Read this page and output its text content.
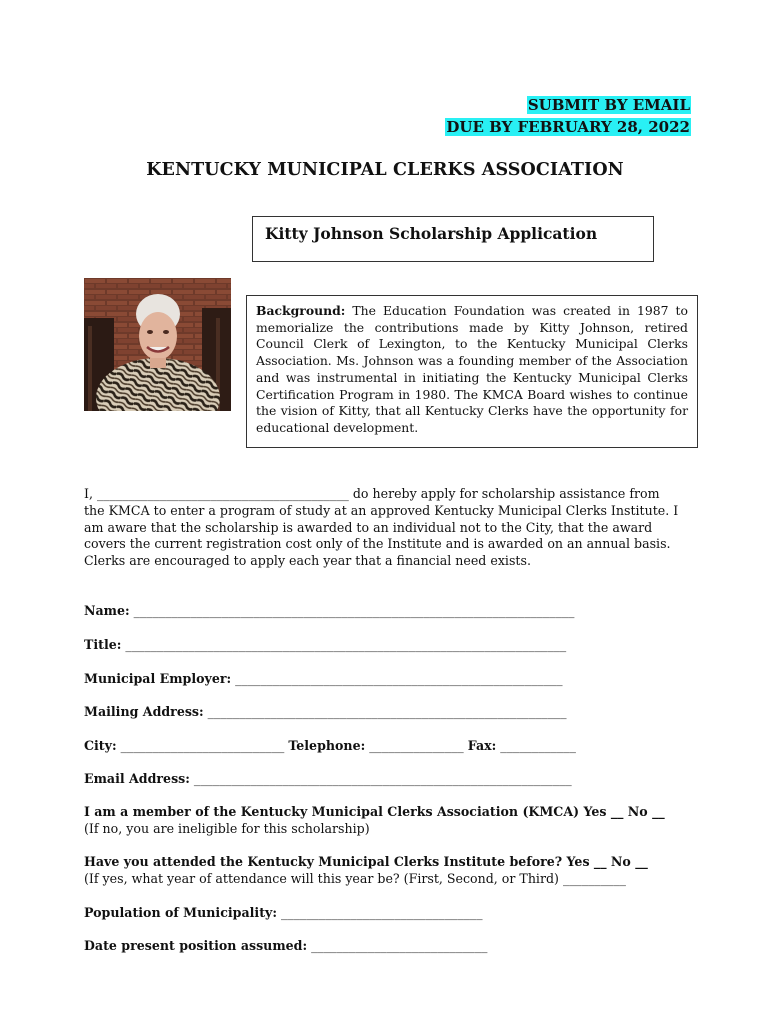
SUBMIT BY EMAIL
DUE BY FEBRUARY 28, 2022
KENTUCKY MUNICIPAL CLERKS ASSOCIATION
Kitty Johnson Scholarship Application
Background: The Education Foundation was created in 1987 to memorialize the contributions made by Kitty Johnson, retired Council Clerk of Lexington, to the Kentucky Municipal Clerks Association. Ms. Johnson was a founding member of the Association and was instrumental in initiating the Kentucky Municipal Clerks Certification Program in 1980. The KMCA Board wishes to continue the vision of Kitty, that all Kentucky Clerks have the opportunity for educational development.
I, ________________________________________ do hereby apply for scholarship assistance from the KMCA to enter a program of study at an approved Kentucky Municipal Clerks Institute. I am aware that the scholarship is awarded to an individual not to the City, that the award covers the current registration cost only of the Institute and is awarded on an annual basis. Clerks are encouraged to apply each year that a financial need exists.
Name: ______________________________________________________________________
Title: ______________________________________________________________________
Municipal Employer: ____________________________________________________
Mailing Address: _________________________________________________________
City: __________________________ Telephone: _______________ Fax: ____________
Email Address: ____________________________________________________________
I am a member of the Kentucky Municipal Clerks Association (KMCA) Yes __ No __
(If no, you are ineligible for this scholarship)
Have you attended the Kentucky Municipal Clerks Institute before? Yes __ No __
(If yes, what year of attendance will this year be? (First, Second, or Third) __________
Population of Municipality: ________________________________
Date present position assumed: ____________________________
